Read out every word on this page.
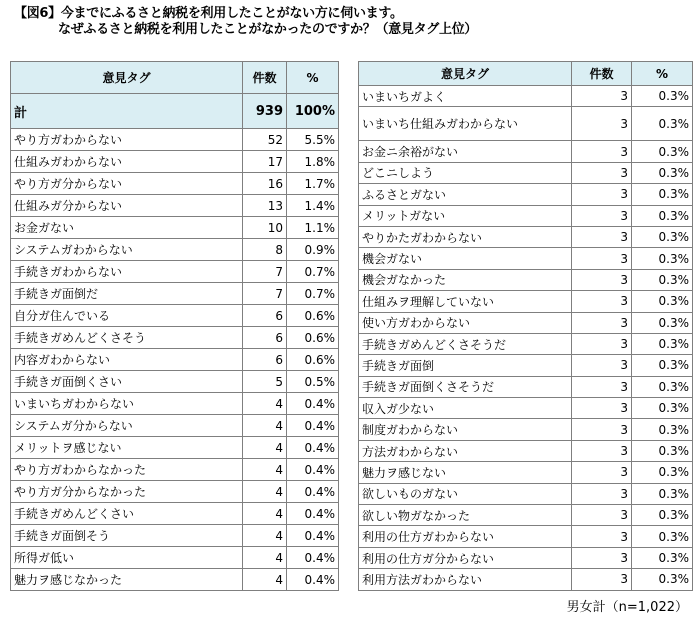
【図6】今までにふるさと納税を利用したことがない方に伺います。
なぜふるさと納税を利用したことがなかったのですか？（意見タグ上位）
意見タグ	件数	%
計	939	100%
やり方ガわからない	52	5.5%
仕組みガわからない	17	1.8%
やり方ガ分からない	16	1.7%
仕組みガ分からない	13	1.4%
お金ガない	10	1.1%
システムガわからない	8	0.9%
手続きガわからない	7	0.7%
手続きガ面倒だ	7	0.7%
自分ガ住んでいる	6	0.6%
手続きガめんどくさそう	6	0.6%
内容ガわからない	6	0.6%
手続きガ面倒くさい	5	0.5%
いまいちガわからない	4	0.4%
システムガ分からない	4	0.4%
メリットヲ感じない	4	0.4%
やり方ガわからなかった	4	0.4%
やり方ガ分からなかった	4	0.4%
手続きガめんどくさい	4	0.4%
手続きガ面倒そう	4	0.4%
所得ガ低い	4	0.4%
魅力ヲ感じなかった	4	0.4%
意見タグ	件数	%
いまいちガよく	3	0.3%
いまいち仕組みガわからない	3	0.3%
お金ニ余裕がない	3	0.3%
どこニしよう	3	0.3%
ふるさとガない	3	0.3%
メリットガない	3	0.3%
やりかたガわからない	3	0.3%
機会ガない	3	0.3%
機会ガなかった	3	0.3%
仕組みヲ理解していない	3	0.3%
使い方ガわからない	3	0.3%
手続きガめんどくさそうだ	3	0.3%
手続きガ面倒	3	0.3%
手続きガ面倒くさそうだ	3	0.3%
収入ガ少ない	3	0.3%
制度ガわからない	3	0.3%
方法ガわからない	3	0.3%
魅力ヲ感じない	3	0.3%
欲しいものガない	3	0.3%
欲しい物ガなかった	3	0.3%
利用の仕方ガわからない	3	0.3%
利用の仕方ガ分からない	3	0.3%
利用方法ガわからない	3	0.3%
男女計（n=1,022）
